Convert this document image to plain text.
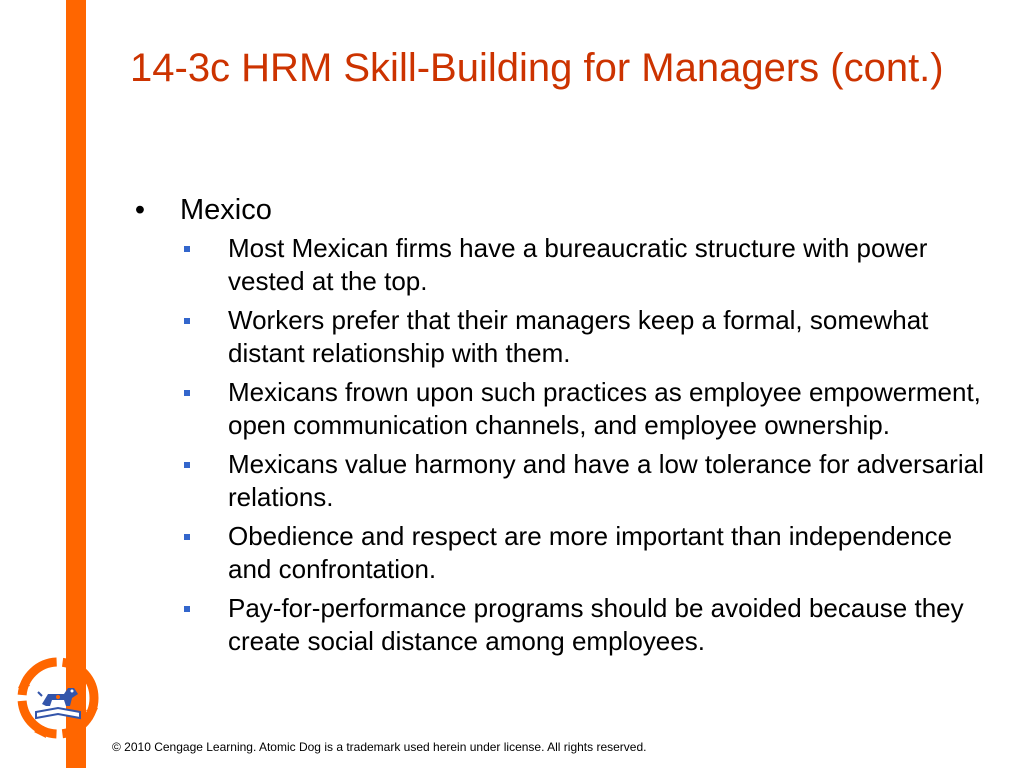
14-3c HRM Skill-Building for Managers (cont.)
• Mexico
Most Mexican firms have a bureaucratic structure with power vested at the top.
Workers prefer that their managers keep a formal, somewhat distant relationship with them.
Mexicans frown upon such practices as employee empowerment, open communication channels, and employee ownership.
Mexicans value harmony and have a low tolerance for adversarial relations.
Obedience and respect are more important than independence and confrontation.
Pay-for-performance programs should be avoided because they create social distance among employees.
© 2010 Cengage Learning. Atomic Dog is a trademark used herein under license. All rights reserved.
